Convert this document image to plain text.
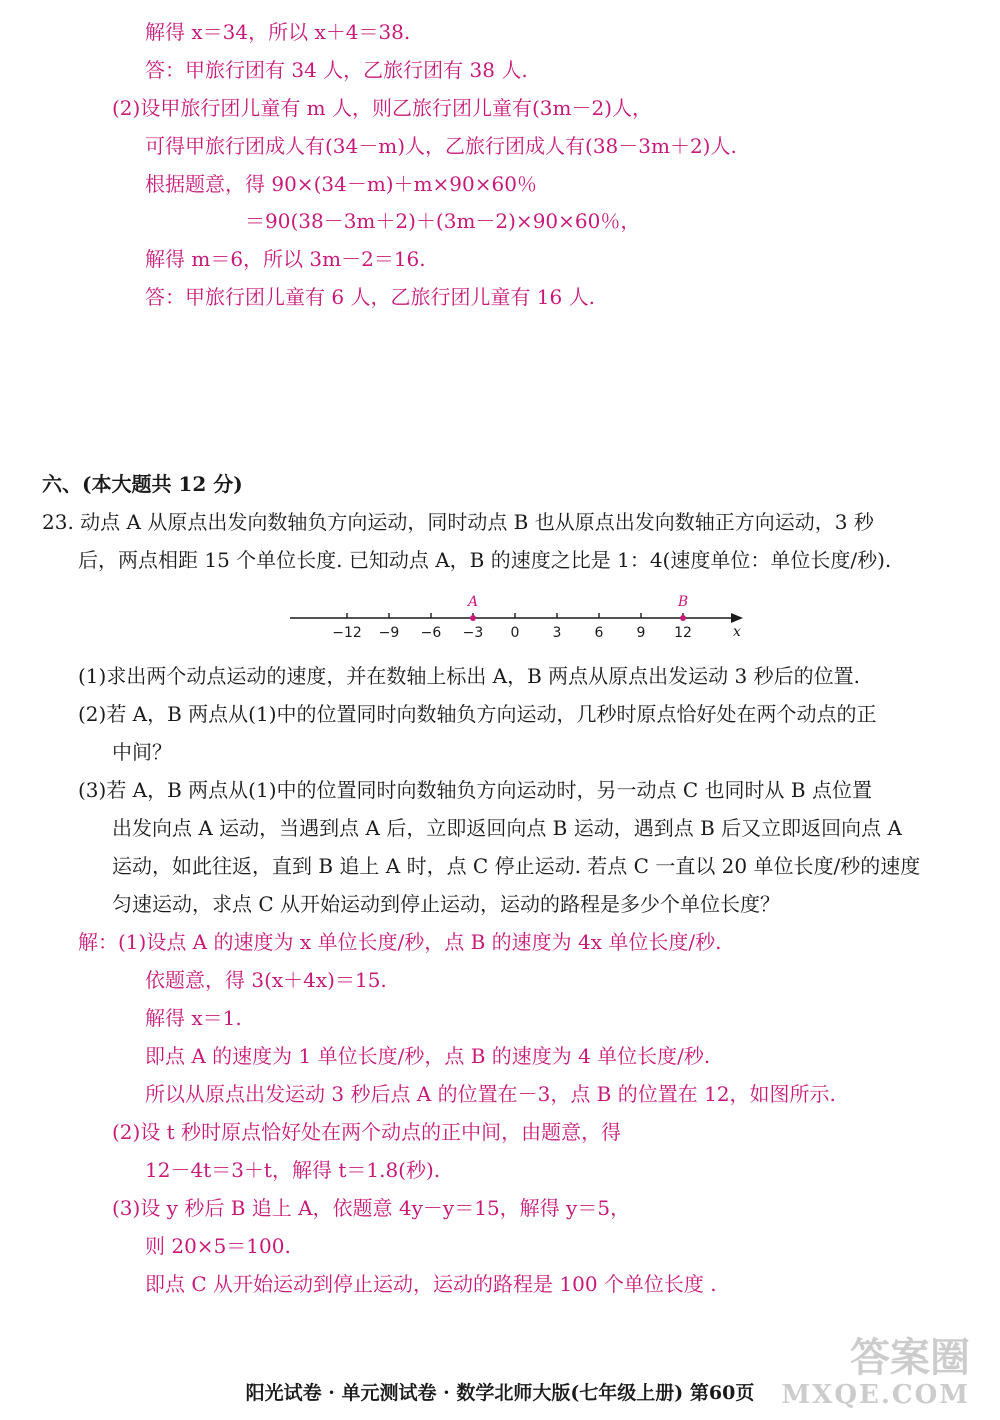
解得 x＝34，所以 x＋4＝38.
答：甲旅行团有 34 人，乙旅行团有 38 人.
(2)设甲旅行团儿童有 m 人，则乙旅行团儿童有(3m－2)人，
可得甲旅行团成人有(34－m)人，乙旅行团成人有(38－3m＋2)人.
根据题意，得 90×(34－m)＋m×90×60％
＝90(38－3m＋2)＋(3m－2)×90×60％，
解得 m＝6，所以 3m－2＝16.
答：甲旅行团儿童有 6 人，乙旅行团儿童有 16 人.
六、(本大题共 12 分)
23. 动点 A 从原点出发向数轴负方向运动，同时动点 B 也从原点出发向数轴正方向运动，3 秒
后，两点相距 15 个单位长度. 已知动点 A，B 的速度之比是 1：4(速度单位：单位长度/秒).
−12 −9 −6 −3 0 3 6 9 12	x
A	B
(1)求出两个动点运动的速度，并在数轴上标出 A，B 两点从原点出发运动 3 秒后的位置.
(2)若 A，B 两点从(1)中的位置同时向数轴负方向运动，几秒时原点恰好处在两个动点的正
中间？
(3)若 A，B 两点从(1)中的位置同时向数轴负方向运动时，另一动点 C 也同时从 B 点位置
出发向点 A 运动，当遇到点 A 后，立即返回向点 B 运动，遇到点 B 后又立即返回向点 A
运动，如此往返，直到 B 追上 A 时，点 C 停止运动. 若点 C 一直以 20 单位长度/秒的速度
匀速运动，求点 C 从开始运动到停止运动，运动的路程是多少个单位长度？
解：(1)设点 A 的速度为 x 单位长度/秒，点 B 的速度为 4x 单位长度/秒.
依题意，得 3(x＋4x)＝15.
解得 x＝1.
即点 A 的速度为 1 单位长度/秒，点 B 的速度为 4 单位长度/秒.
所以从原点出发运动 3 秒后点 A 的位置在－3，点 B 的位置在 12，如图所示.
(2)设 t 秒时原点恰好处在两个动点的正中间，由题意，得
12－4t＝3＋t，解得 t＝1.8(秒).
(3)设 y 秒后 B 追上 A，依题意 4y－y＝15，解得 y＝5，
则 20×5＝100.
即点 C 从开始运动到停止运动，运动的路程是 100 个单位长度 .
阳光试卷 · 单元测试卷 · 数学北师大版(七年级上册) 第60页
答案圈
MXQE.COM
